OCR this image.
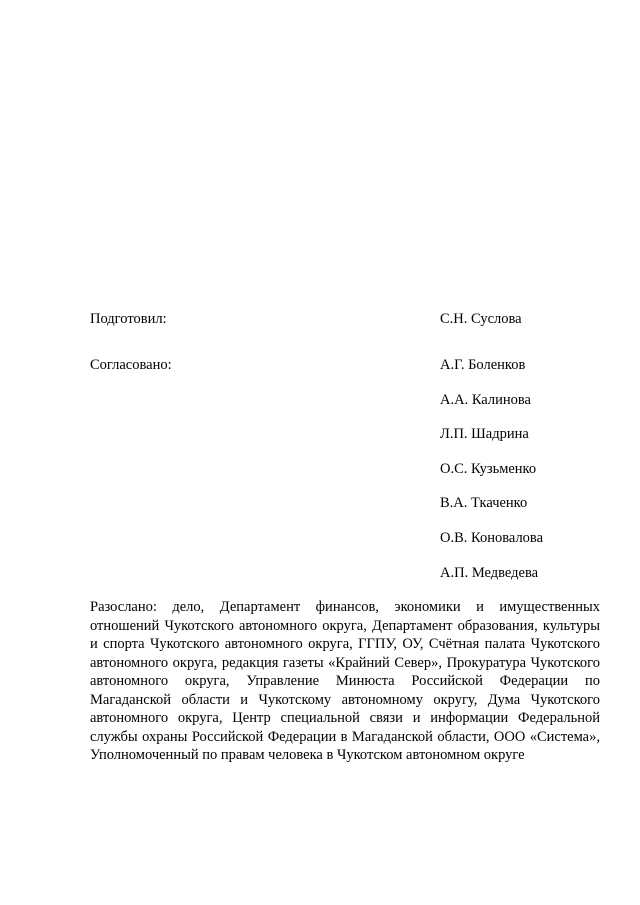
Подготовил:	С.Н. Суслова
Согласовано:	А.Г. Боленков
А.А. Калинова
Л.П. Шадрина
О.С. Кузьменко
В.А. Ткаченко
О.В. Коновалова
А.П. Медведева
Разослано: дело, Департамент финансов, экономики и имущественных отношений Чукотского автономного округа, Департамент образования, культуры и спорта Чукотского автономного округа, ГГПУ, ОУ, Счётная палата Чукотского автономного округа, редакция газеты «Крайний Север», Прокуратура Чукотского автономного округа, Управление Минюста Российской Федерации по Магаданской области и Чукотскому автономному округу, Дума Чукотского автономного округа, Центр специальной связи и информации Федеральной службы охраны Российской Федерации в Магаданской области, ООО «Система», Уполномоченный по правам человека в Чукотском автономном округе
